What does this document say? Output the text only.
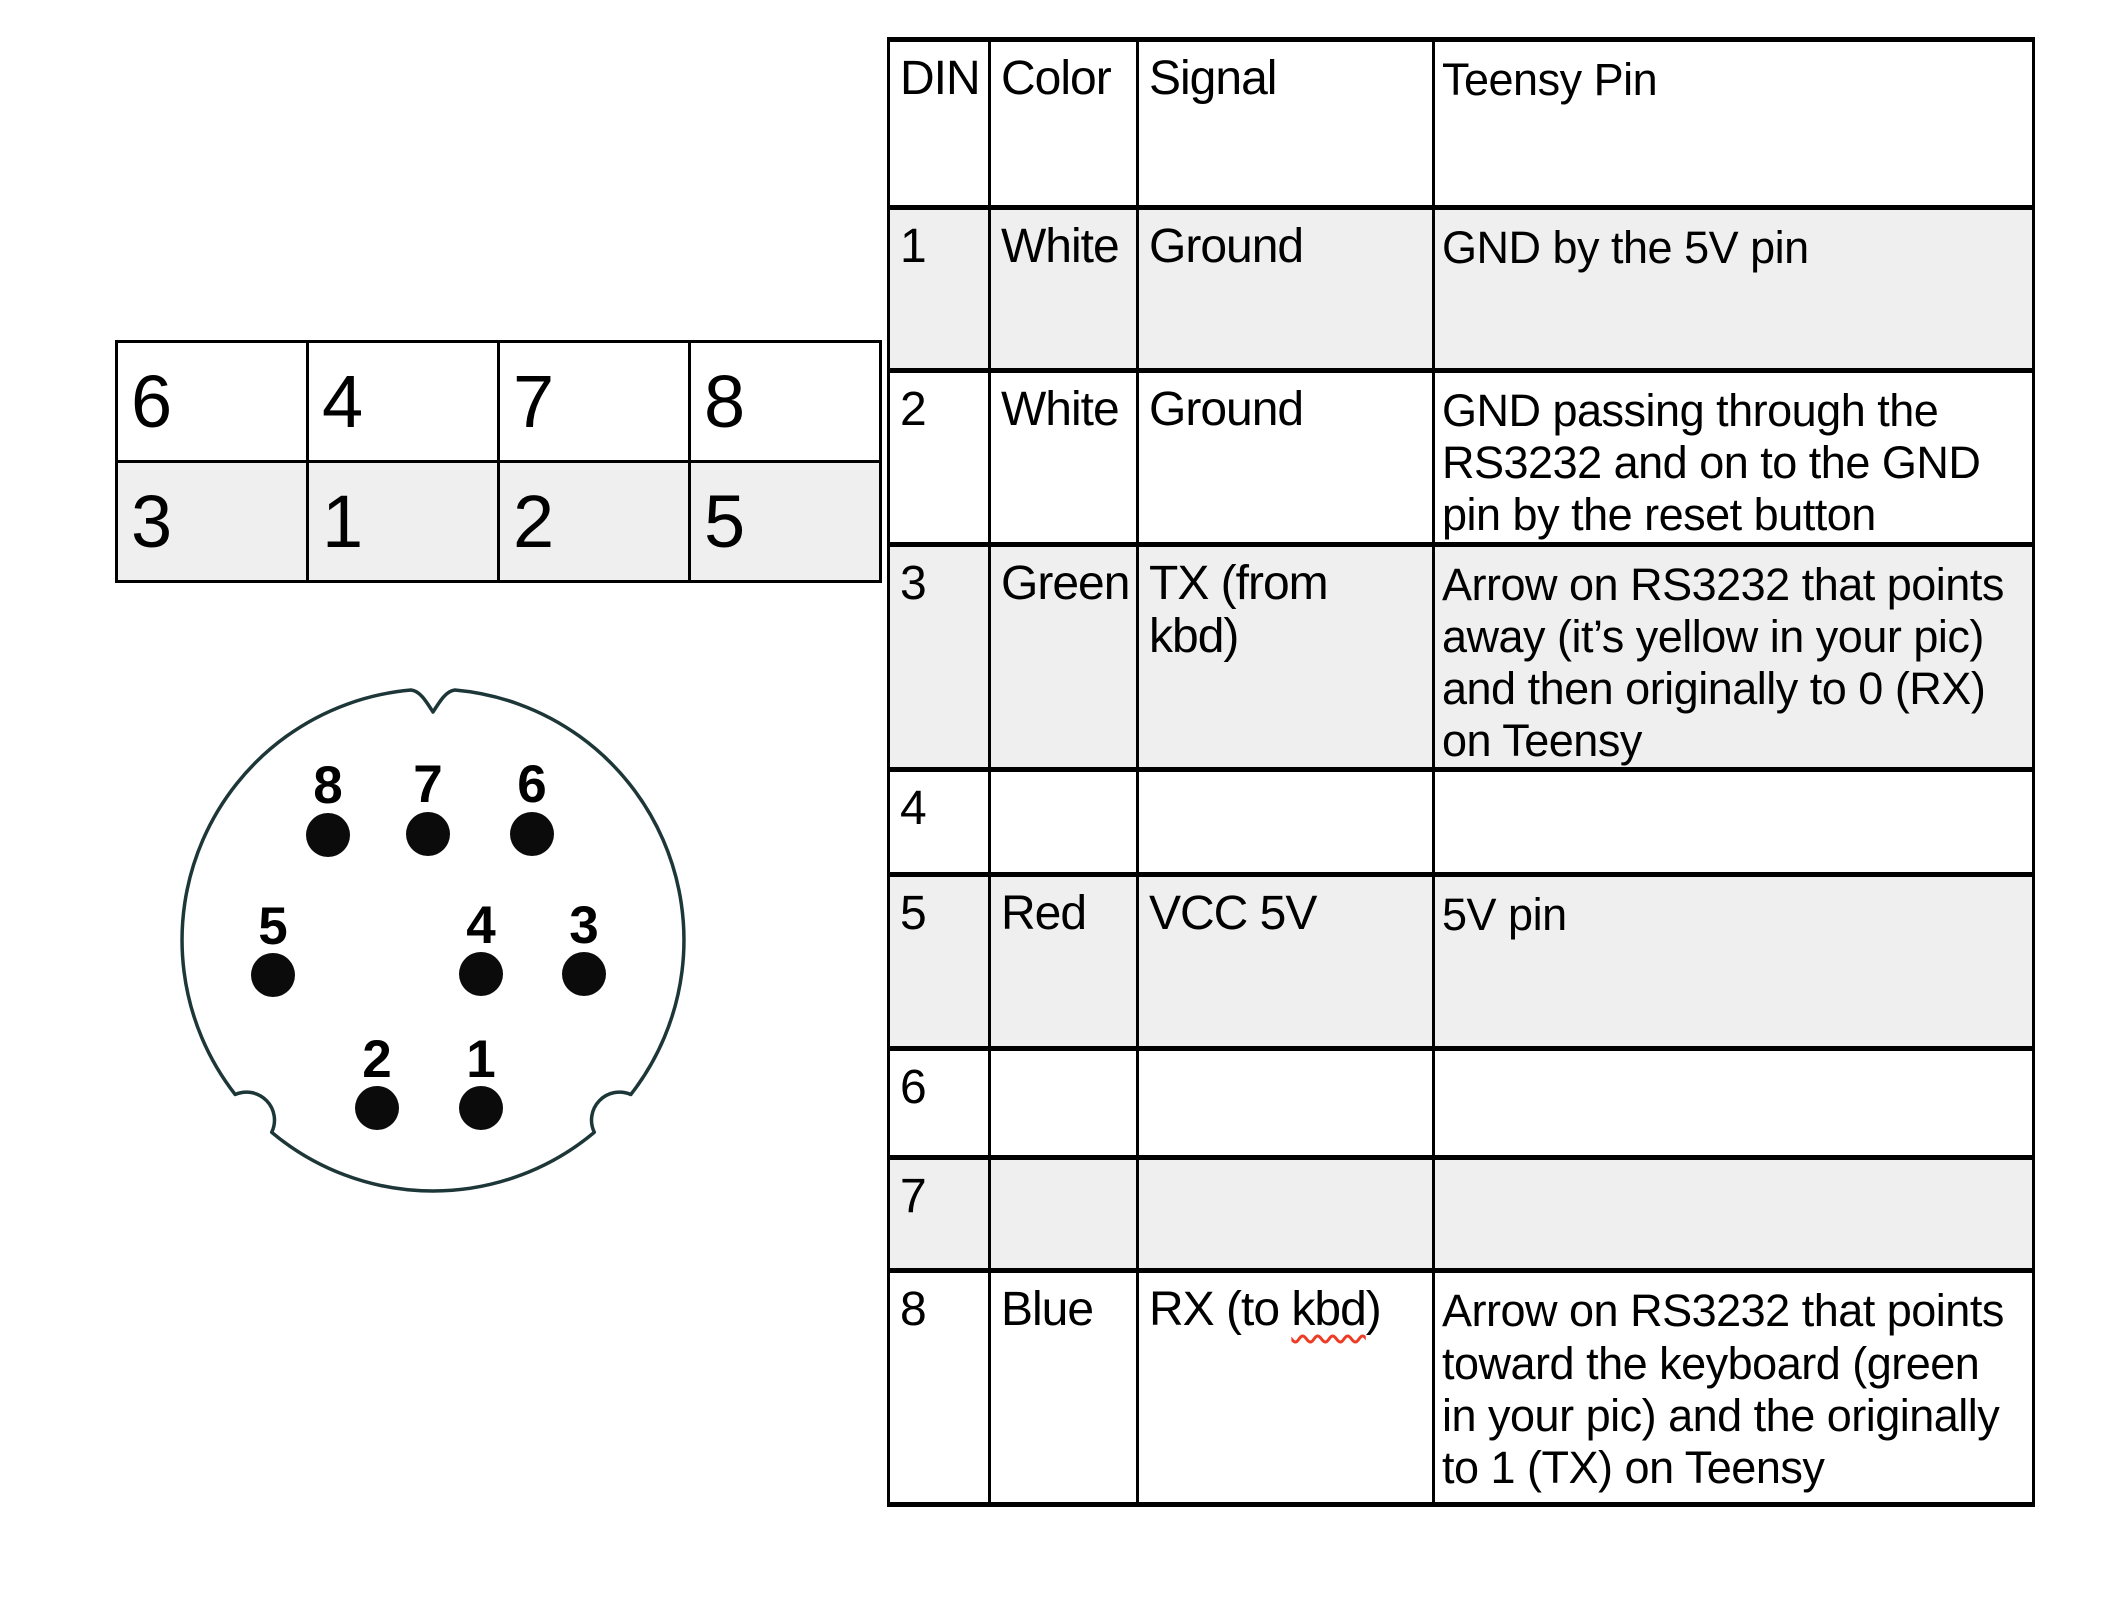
6	4	7	8
3	1	2	5
8 7 6
5	4 3
2 1
DIN	Color	Signal	Teensy Pin
1	White	Ground	GND by the 5V pin
2	White	Ground	GND passing through the RS3232 and on to the GND pin by the reset button
3	Green	TX (from kbd)	Arrow on RS3232 that points away (it’s yellow in your pic) and then originally to 0 (RX) on Teensy
4			
5	Red	VCC 5V	5V pin
6			
7			
8	Blue	RX (to kbd)	Arrow on RS3232 that points toward the keyboard (green in your pic) and the originally to 1 (TX) on Teensy
